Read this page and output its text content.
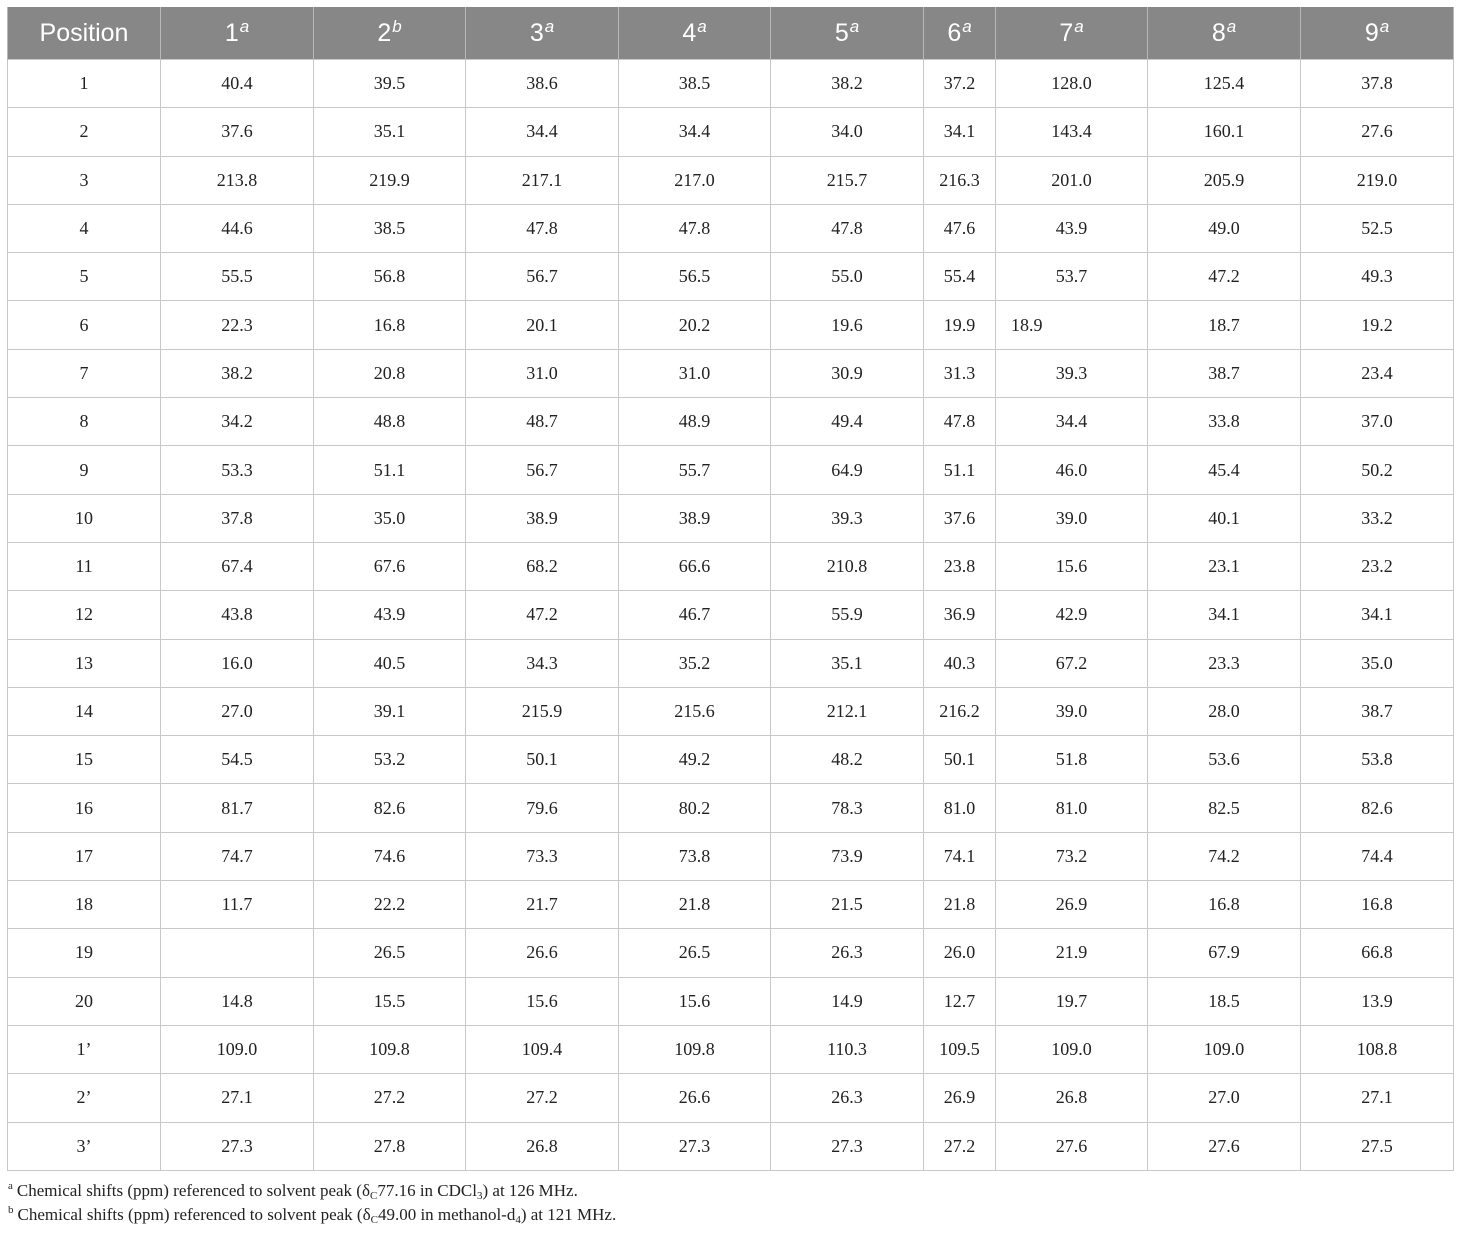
Position	1$^a$	2$^b$	3$^a$	4$^a$	5$^a$	6$^a$	7$^a$	8$^a$	9$^a$
1	40.4	39.5	38.6	38.5	38.2	37.2	128.0	125.4	37.8
2	37.6	35.1	34.4	34.4	34.0	34.1	143.4	160.1	27.6
3	213.8	219.9	217.1	217.0	215.7	216.3	201.0	205.9	219.0
4	44.6	38.5	47.8	47.8	47.8	47.6	43.9	49.0	52.5
5	55.5	56.8	56.7	56.5	55.0	55.4	53.7	47.2	49.3
6	22.3	16.8	20.1	20.2	19.6	19.9	18.9	18.7	19.2
7	38.2	20.8	31.0	31.0	30.9	31.3	39.3	38.7	23.4
8	34.2	48.8	48.7	48.9	49.4	47.8	34.4	33.8	37.0
9	53.3	51.1	56.7	55.7	64.9	51.1	46.0	45.4	50.2
10	37.8	35.0	38.9	38.9	39.3	37.6	39.0	40.1	33.2
11	67.4	67.6	68.2	66.6	210.8	23.8	15.6	23.1	23.2
12	43.8	43.9	47.2	46.7	55.9	36.9	42.9	34.1	34.1
13	16.0	40.5	34.3	35.2	35.1	40.3	67.2	23.3	35.0
14	27.0	39.1	215.9	215.6	212.1	216.2	39.0	28.0	38.7
15	54.5	53.2	50.1	49.2	48.2	50.1	51.8	53.6	53.8
16	81.7	82.6	79.6	80.2	78.3	81.0	81.0	82.5	82.6
17	74.7	74.6	73.3	73.8	73.9	74.1	73.2	74.2	74.4
18	11.7	22.2	21.7	21.8	21.5	21.8	26.9	16.8	16.8
19		26.5	26.6	26.5	26.3	26.0	21.9	67.9	66.8
20	14.8	15.5	15.6	15.6	14.9	12.7	19.7	18.5	13.9
1’	109.0	109.8	109.4	109.8	110.3	109.5	109.0	109.0	108.8
2’	27.1	27.2	27.2	26.6	26.3	26.9	26.8	27.0	27.1
3’	27.3	27.8	26.8	27.3	27.3	27.2	27.6	27.6	27.5
$^a$ Chemical shifts (ppm) referenced to solvent peak ($\delta_C77.16$ in CDCl$_3$) at 126 MHz.
$^b$ Chemical shifts (ppm) referenced to solvent peak ($\delta_C49.00$ in methanol-$d_4$) at 121 MHz.
